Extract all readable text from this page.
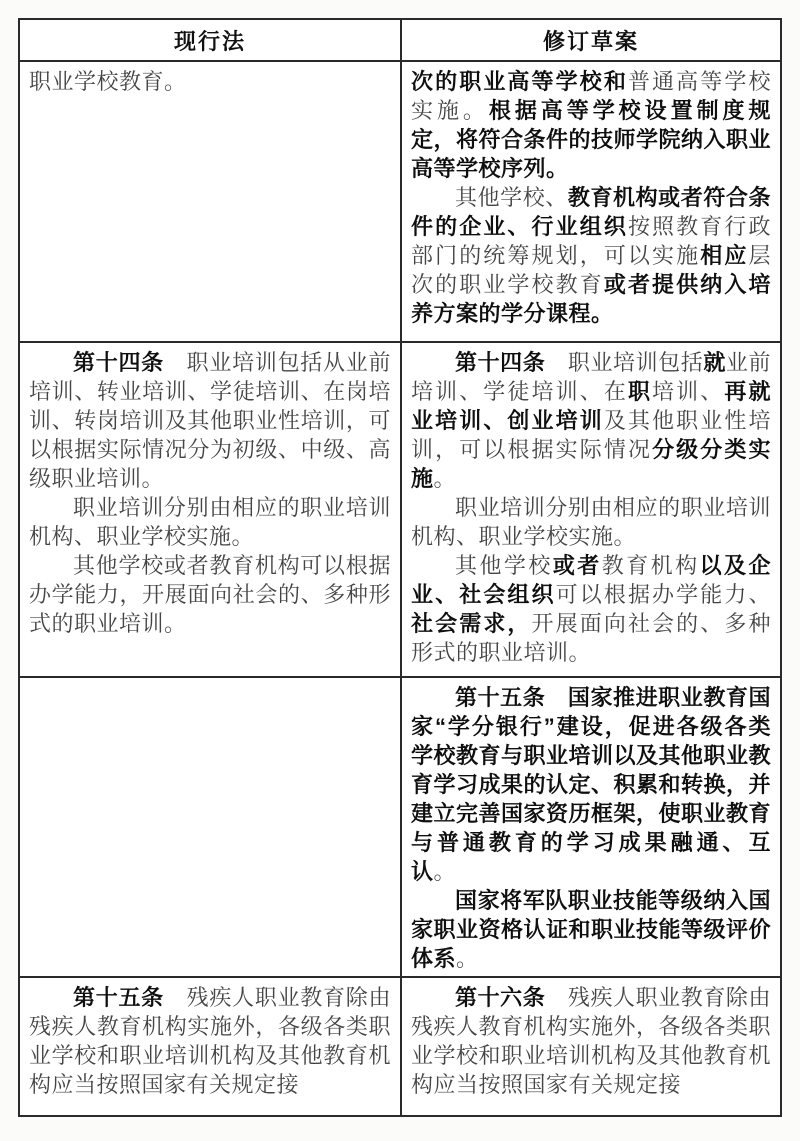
现行法	修订草案

职业学校教育。	次的职业高等学校和普通高等学校实施。根据高等学校设置制度规定，将符合条件的技师学院纳入职业高等学校序列。

其他学校、教育机构或者符合条件的企业、行业组织按照教育行政部门的统筹规划，可以实施相应层次的职业学校教育或者提供纳入培养方案的学分课程。

第十四条　职业培训包括从业前培训、转业培训、学徒培训、在岗培训、转岗培训及其他职业性培训，可以根据实际情况分为初级、中级、高级职业培训。

职业培训分别由相应的职业培训机构、职业学校实施。

其他学校或者教育机构可以根据办学能力，开展面向社会的、多种形式的职业培训。

第十四条　职业培训包括就业前培训、学徒培训、在职培训、再就业培训、创业培训及其他职业性培训，可以根据实际情况分级分类实施。

职业培训分别由相应的职业培训机构、职业学校实施。

其他学校或者教育机构以及企业、社会组织可以根据办学能力、社会需求，开展面向社会的、多种形式的职业培训。

第十五条　国家推进职业教育国家“学分银行”建设，促进各级各类学校教育与职业培训以及其他职业教育学习成果的认定、积累和转换，并建立完善国家资历框架，使职业教育与普通教育的学习成果融通、互认。

国家将军队职业技能等级纳入国家职业资格认证和职业技能等级评价体系。

第十五条　残疾人职业教育除由残疾人教育机构实施外，各级各类职业学校和职业培训机构及其他教育机构应当按照国家有关规定接

第十六条　残疾人职业教育除由残疾人教育机构实施外，各级各类职业学校和职业培训机构及其他教育机构应当按照国家有关规定接
